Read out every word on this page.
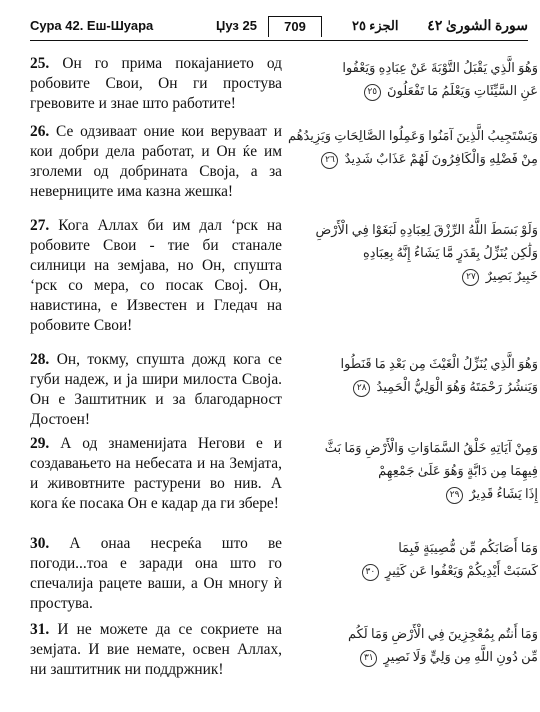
Сура 42. Еш-Шуара	Џуз 25	709	الجزء ٢٥ سورة الشورىٰ ٤٢
25. Он го прима покајанието од робовите Свои, Он ги простува гревовите и знае што работите!
وَهُوَ الَّذِي يَقْبَلُ التَّوْبَةَ عَنْ عِبَادِهِ وَيَعْفُوا
عَنِ السَّيِّئَاتِ وَيَعْلَمُ مَا تَفْعَلُونَ ٢٥
26. Се одзиваат оние кои веруваат и кои добри дела работат, и Он ќе им зголеми од добрината Своја, а за неверниците има казна жешка!
وَيَسْتَجِيبُ الَّذِينَ آمَنُوا وَعَمِلُوا الصَّالِحَاتِ وَيَزِيدُهُم
مِنْ فَضْلِهِ وَالْكَافِرُونَ لَهُمْ عَذَابٌ شَدِيدٌ ٢٦
27. Кога Аллах би им дал ‘рск на робовите Свои - тие би станале силници на земјава, но Он, спушта ‘рск со мера, со посак Свој. Он, навистина, е Известен и Гледач на робовите Свои!
وَلَوْ بَسَطَ اللَّهُ الرِّزْقَ لِعِبَادِهِ لَبَغَوْا فِي الْأَرْضِ
وَلَٰكِن يُنَزِّلُ بِقَدَرٍ مَّا يَشَاءُ إِنَّهُ بِعِبَادِهِ
خَبِيرٌ بَصِيرٌ ٢٧
28. Он, токму, спушта дожд кога се губи надеж, и ја шири милоста Своја. Он е Заштитник и за благодарност Достоен!
وَهُوَ الَّذِي يُنَزِّلُ الْغَيْثَ مِن بَعْدِ مَا قَنَطُوا
وَيَنشُرُ رَحْمَتَهُ وَهُوَ الْوَلِيُّ الْحَمِيدُ ٢٨
29. А од знаменијата Негови е и создавањето на небесата и на Земјата, и живовтните растурени во нив. А кога ќе посака Он е кадар да ги збере!
وَمِنْ آيَاتِهِ خَلْقُ السَّمَاوَاتِ وَالْأَرْضِ وَمَا بَثَّ
فِيهِمَا مِن دَابَّةٍ وَهُوَ عَلَىٰ جَمْعِهِمْ
إِذَا يَشَاءُ قَدِيرٌ ٢٩
30. А онаа несреќа што ве погоди...тоа е заради она што го спечалија рацете ваши, а Он многу ѝ простува.
وَمَا أَصَابَكُم مِّن مُّصِيبَةٍ فَبِمَا
كَسَبَتْ أَيْدِيكُمْ وَيَعْفُوا عَن كَثِيرٍ ٣٠
31. И не можете да се сокриете на земјата. И вие немате, освен Аллах, ни заштитник ни поддржник!
وَمَا أَنتُم بِمُعْجِزِينَ فِي الْأَرْضِ وَمَا لَكُم
مِّن دُونِ اللَّهِ مِن وَلِيٍّ وَلَا نَصِيرٍ ٣١
